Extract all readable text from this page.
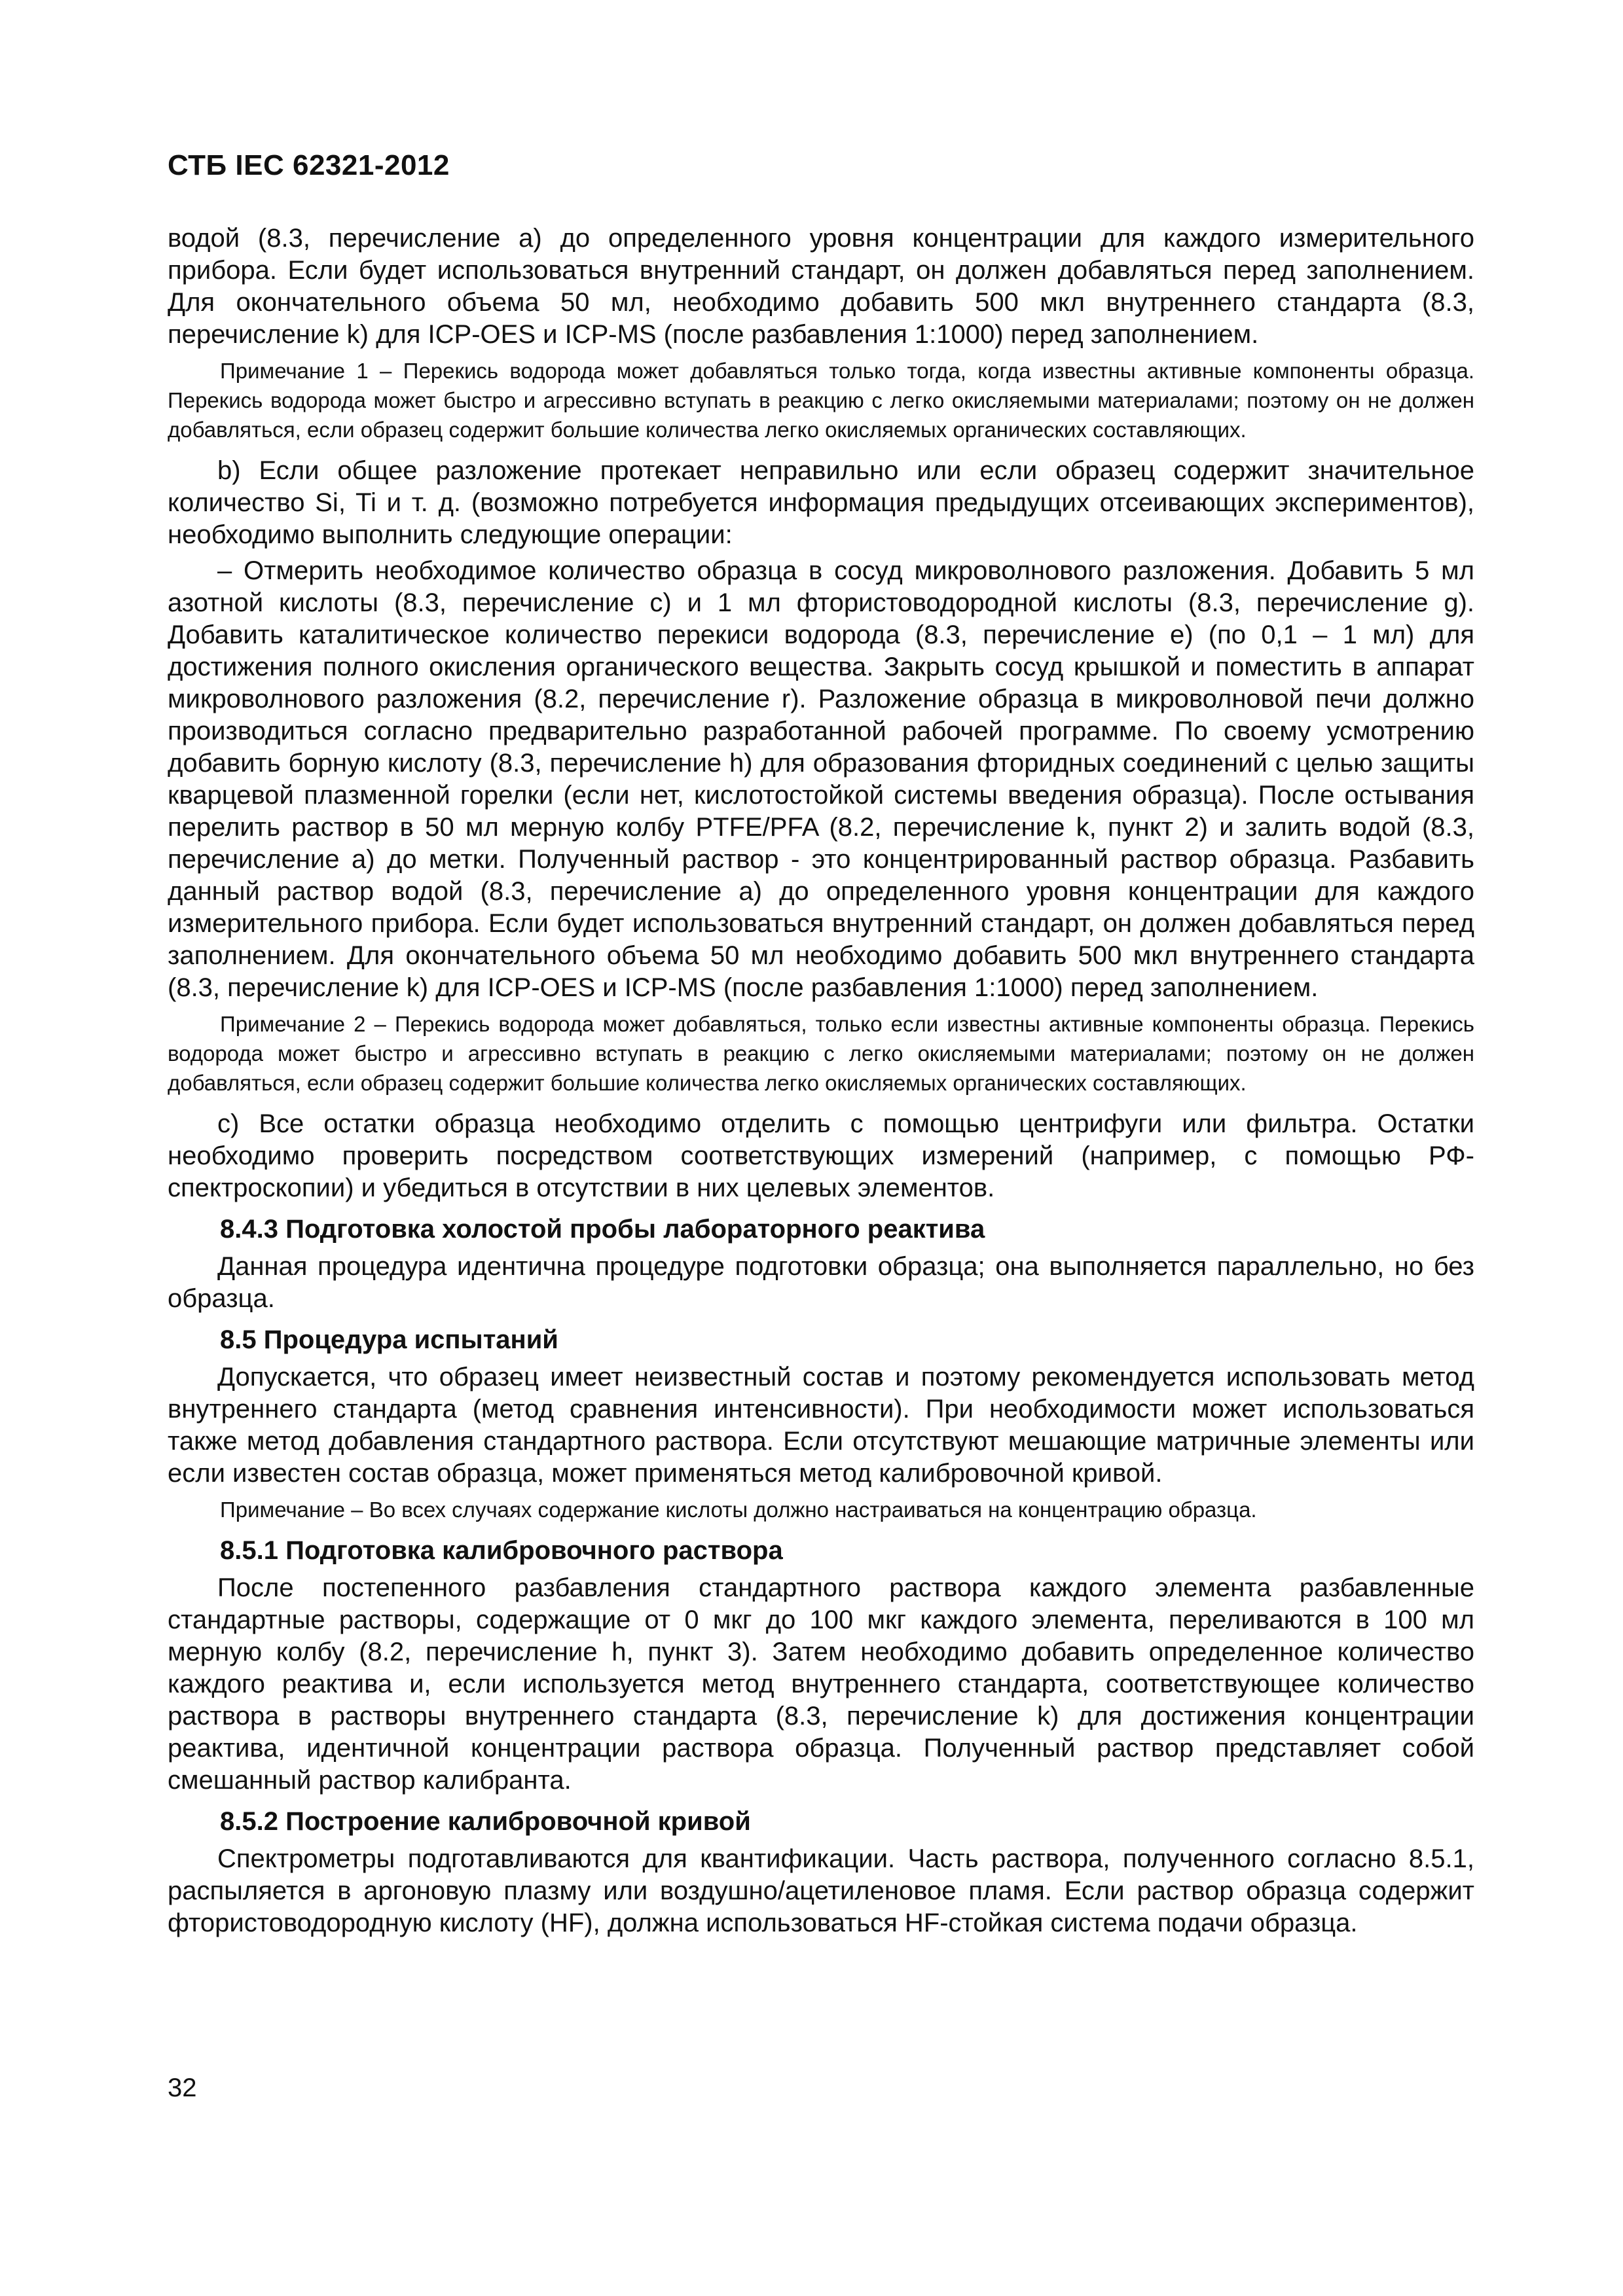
СТБ IEC 62321-2012

водой (8.3, перечисление a) до определенного уровня концентрации для каждого измерительного прибора. Если будет использоваться внутренний стандарт, он должен добавляться перед заполнением. Для окончательного объема 50 мл, необходимо добавить 500 мкл внутреннего стандарта (8.3, перечисление k) для ICP-OES и ICP-MS (после разбавления 1:1000) перед заполнением.

Примечание 1 – Перекись водорода может добавляться только тогда, когда известны активные компоненты образца. Перекись водорода может быстро и агрессивно вступать в реакцию с легко окисляемыми материалами; поэтому он не должен добавляться, если образец содержит большие количества легко окисляемых органических составляющих.

b) Если общее разложение протекает неправильно или если образец содержит значительное количество Si, Ti и т. д. (возможно потребуется информация предыдущих отсеивающих экспериментов), необходимо выполнить следующие операции:

– Отмерить необходимое количество образца в сосуд микроволнового разложения. Добавить 5 мл азотной кислоты (8.3, перечисление c) и 1 мл фтористоводородной кислоты (8.3, перечисление g). Добавить каталитическое количество перекиси водорода (8.3, перечисление e) (по 0,1 – 1 мл) для достижения полного окисления органического вещества. Закрыть сосуд крышкой и поместить в аппарат микроволнового разложения (8.2, перечисление r). Разложение образца в микроволновой печи должно производиться согласно предварительно разработанной рабочей программе. По своему усмотрению добавить борную кислоту (8.3, перечисление h) для образования фторидных соединений с целью защиты кварцевой плазменной горелки (если нет, кислотостойкой системы введения образца). После остывания перелить раствор в 50 мл мерную колбу PTFE/PFA (8.2, перечисление k, пункт 2) и залить водой (8.3, перечисление a) до метки. Полученный раствор - это концентрированный раствор образца. Разбавить данный раствор водой (8.3, перечисление a) до определенного уровня концентрации для каждого измерительного прибора. Если будет использоваться внутренний стандарт, он должен добавляться перед заполнением. Для окончательного объема 50 мл необходимо добавить 500 мкл внутреннего стандарта (8.3, перечисление k) для ICP-OES и ICP-MS (после разбавления 1:1000) перед заполнением.

Примечание 2 – Перекись водорода может добавляться, только если известны активные компоненты образца. Перекись водорода может быстро и агрессивно вступать в реакцию с легко окисляемыми материалами; поэтому он не должен добавляться, если образец содержит большие количества легко окисляемых органических составляющих.

c) Все остатки образца необходимо отделить с помощью центрифуги или фильтра. Остатки необходимо проверить посредством соответствующих измерений (например, с помощью РФ-спектроскопии) и убедиться в отсутствии в них целевых элементов.

8.4.3 Подготовка холостой пробы лабораторного реактива

Данная процедура идентична процедуре подготовки образца; она выполняется параллельно, но без образца.

8.5 Процедура испытаний

Допускается, что образец имеет неизвестный состав и поэтому рекомендуется использовать метод внутреннего стандарта (метод сравнения интенсивности). При необходимости может использоваться также метод добавления стандартного раствора. Если отсутствуют мешающие матричные элементы или если известен состав образца, может применяться метод калибровочной кривой.

Примечание – Во всех случаях содержание кислоты должно настраиваться на концентрацию образца.

8.5.1 Подготовка калибровочного раствора

После постепенного разбавления стандартного раствора каждого элемента разбавленные стандартные растворы, содержащие от 0 мкг до 100 мкг каждого элемента, переливаются в 100 мл мерную колбу (8.2, перечисление h, пункт 3). Затем необходимо добавить определенное количество каждого реактива и, если используется метод внутреннего стандарта, соответствующее количество раствора в растворы внутреннего стандарта (8.3, перечисление k) для достижения концентрации реактива, идентичной концентрации раствора образца. Полученный раствор представляет собой смешанный раствор калибранта.

8.5.2 Построение калибровочной кривой

Спектрометры подготавливаются для квантификации. Часть раствора, полученного согласно 8.5.1, распыляется в аргоновую плазму или воздушно/ацетиленовое пламя. Если раствор образца содержит фтористоводородную кислоту (HF), должна использоваться HF-стойкая система подачи образца.

32
